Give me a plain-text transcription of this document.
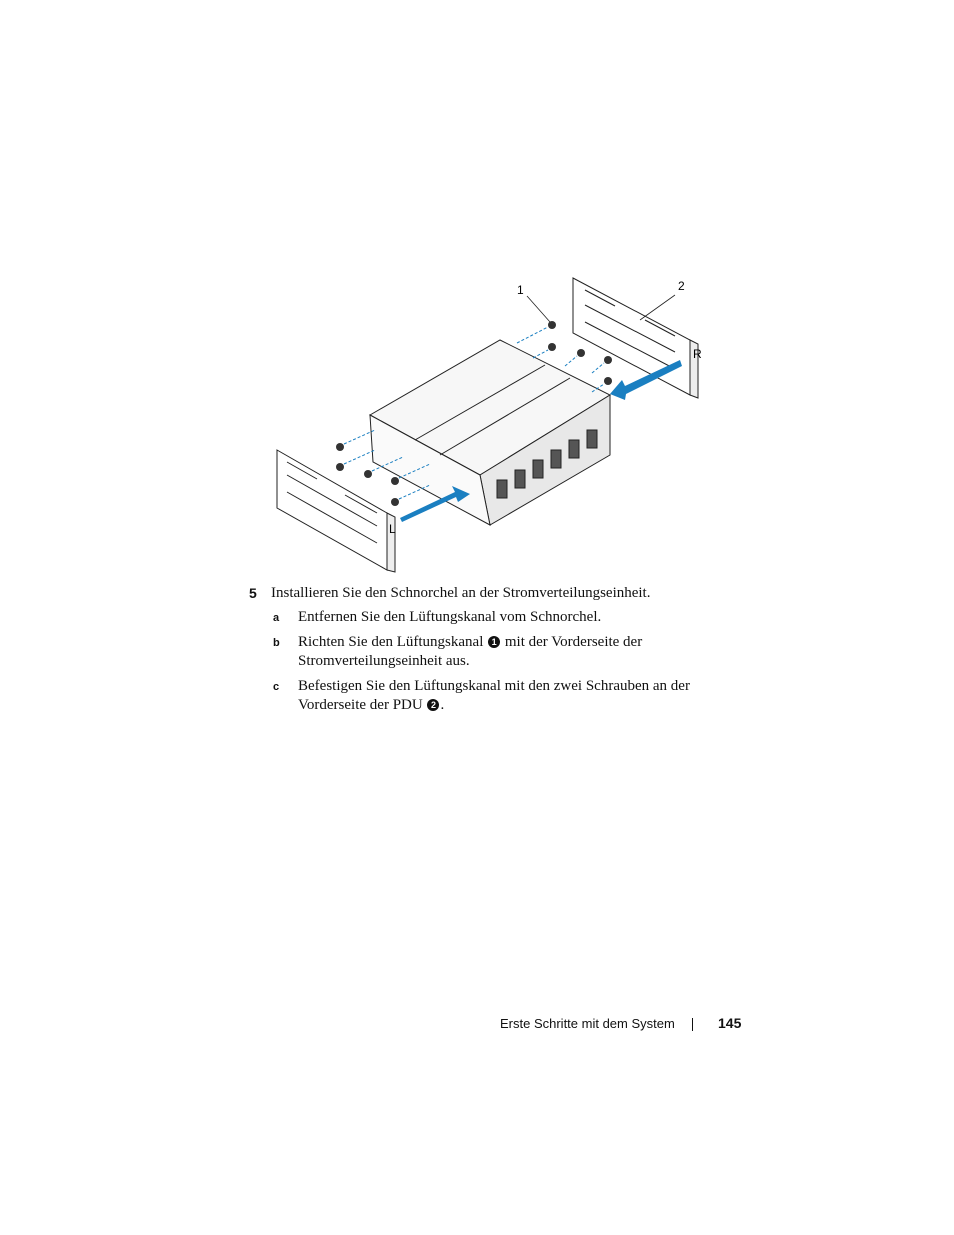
R
L
1	2
5 Installieren Sie den Schnorchel an der Stromverteilungseinheit.
a Entfernen Sie den Lüftungskanal vom Schnorchel.
b Richten Sie den Lüftungskanal 1 mit der Vorderseite der Stromverteilungseinheit aus.
c Befestigen Sie den Lüftungskanal mit den zwei Schrauben an der Vorderseite der PDU 2 .
Erste Schritte mit dem System	145
